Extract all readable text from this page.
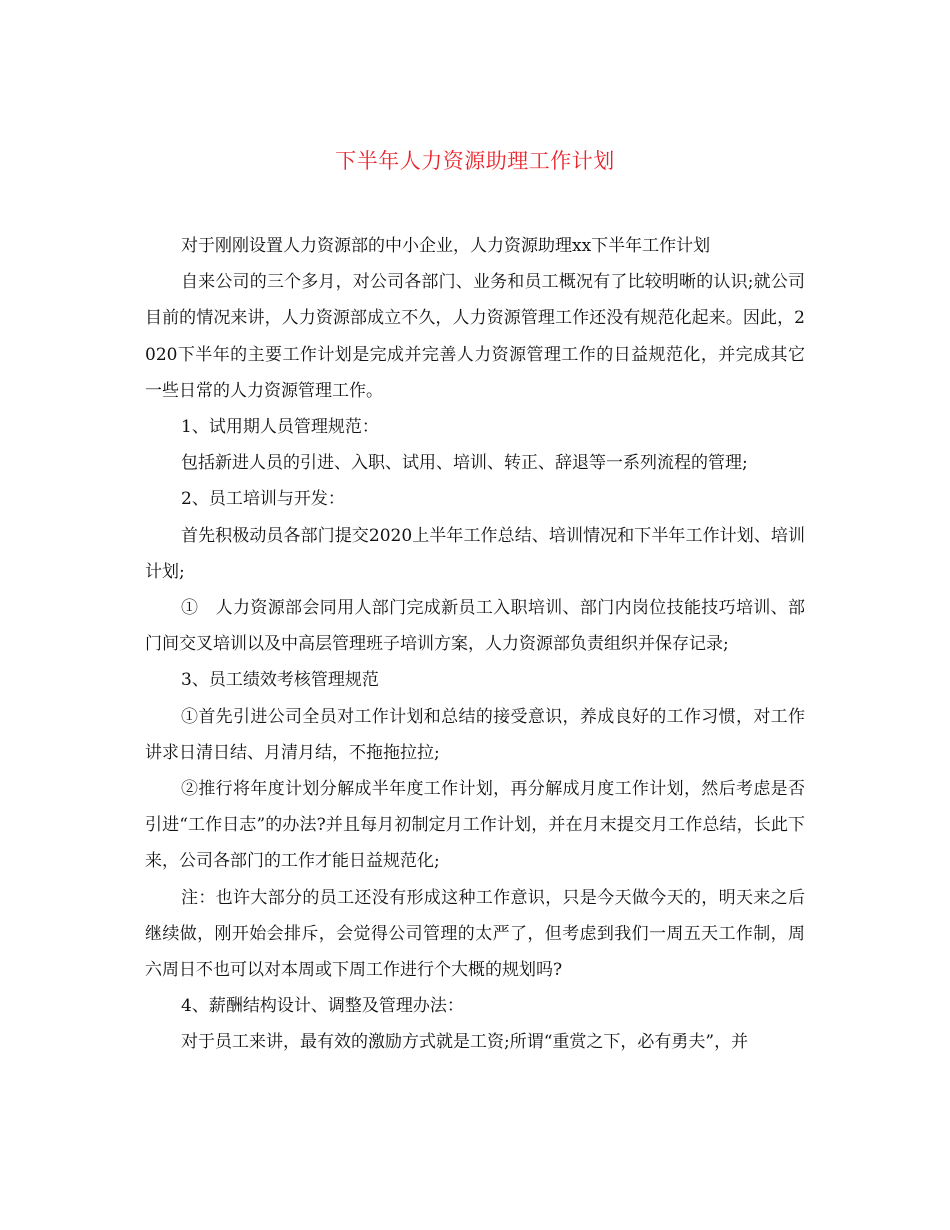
下半年人力资源助理工作计划

对于刚刚设置人力资源部的中小企业，人力资源助理xx下半年工作计划

自来公司的三个多月，对公司各部门、业务和员工概况有了比较明晰的认识;就公司目前的情况来讲，人力资源部成立不久，人力资源管理工作还没有规范化起来。因此，2020下半年的主要工作计划是完成并完善人力资源管理工作的日益规范化，并完成其它一些日常的人力资源管理工作。

1、试用期人员管理规范：

包括新进人员的引进、入职、试用、培训、转正、辞退等一系列流程的管理;

2、员工培训与开发：

首先积极动员各部门提交2020上半年工作总结、培训情况和下半年工作计划、培训计划;

①　人力资源部会同用人部门完成新员工入职培训、部门内岗位技能技巧培训、部门间交叉培训以及中高层管理班子培训方案，人力资源部负责组织并保存记录;

3、员工绩效考核管理规范

①首先引进公司全员对工作计划和总结的接受意识，养成良好的工作习惯，对工作讲求日清日结、月清月结，不拖拖拉拉;

②推行将年度计划分解成半年度工作计划，再分解成月度工作计划，然后考虑是否引进“工作日志”的办法?并且每月初制定月工作计划，并在月末提交月工作总结，长此下来，公司各部门的工作才能日益规范化;

注：也许大部分的员工还没有形成这种工作意识，只是今天做今天的，明天来之后继续做，刚开始会排斥，会觉得公司管理的太严了，但考虑到我们一周五天工作制，周六周日不也可以对本周或下周工作进行个大概的规划吗?

4、薪酬结构设计、调整及管理办法：

对于员工来讲，最有效的激励方式就是工资;所谓“重赏之下，必有勇夫”，并
